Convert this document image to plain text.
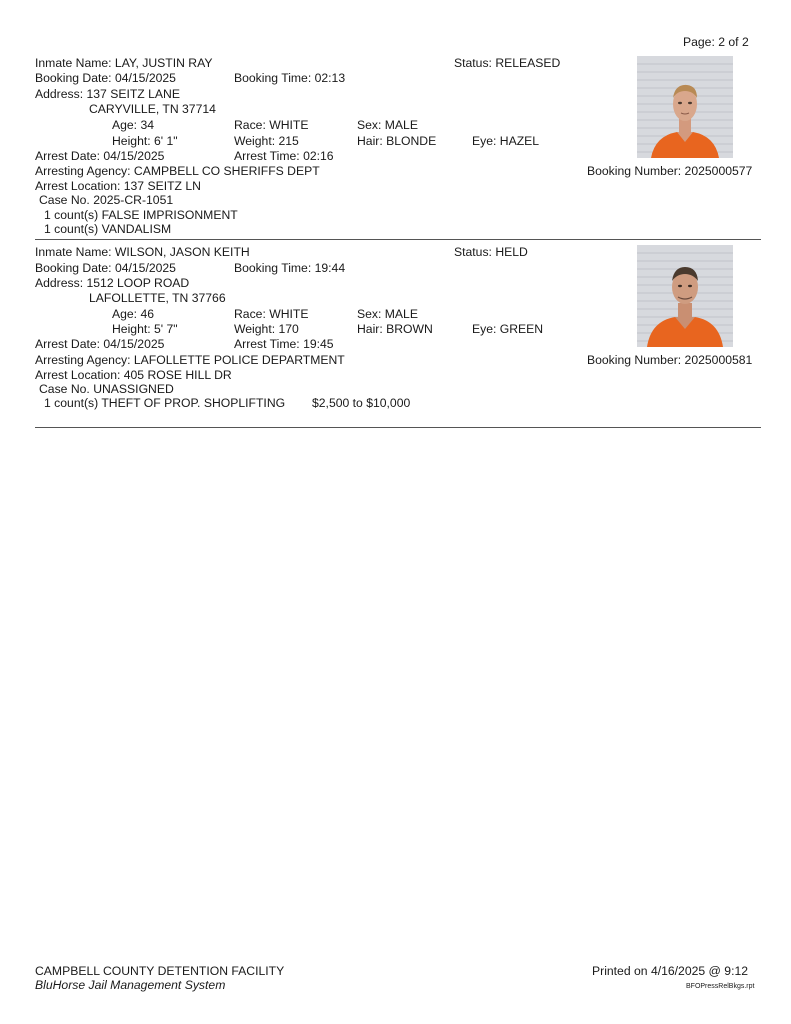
Page: 2 of 2
Inmate Name: LAY, JUSTIN RAY	Status: RELEASED
Booking Date: 04/15/2025	Booking Time: 02:13
Address: 137 SEITZ LANE
CARYVILLE, TN 37714
Age: 34	Race: WHITE	Sex: MALE
Height: 6' 1"	Weight: 215	Hair: BLONDE	Eye: HAZEL
Arrest Date: 04/15/2025	Arrest Time: 02:16
Arresting Agency: CAMPBELL CO SHERIFFS DEPT	Booking Number: 2025000577
Arrest Location: 137 SEITZ LN
Case No. 2025-CR-1051
1 count(s) FALSE IMPRISONMENT
1 count(s) VANDALISM
Inmate Name: WILSON, JASON KEITH	Status: HELD
Booking Date: 04/15/2025	Booking Time: 19:44
Address: 1512 LOOP ROAD
LAFOLLETTE, TN 37766
Age: 46	Race: WHITE	Sex: MALE
Height: 5' 7"	Weight: 170	Hair: BROWN	Eye: GREEN
Arrest Date: 04/15/2025	Arrest Time: 19:45
Arresting Agency: LAFOLLETTE POLICE DEPARTMENT	Booking Number: 2025000581
Arrest Location: 405 ROSE HILL DR
Case No. UNASSIGNED
1 count(s) THEFT OF PROP. SHOPLIFTING $2,500 to $10,000
CAMPBELL COUNTY DETENTION FACILITY
BluHorse Jail Management System
Printed on 4/16/2025 @ 9:12
BFOPressRelBkgs.rpt
